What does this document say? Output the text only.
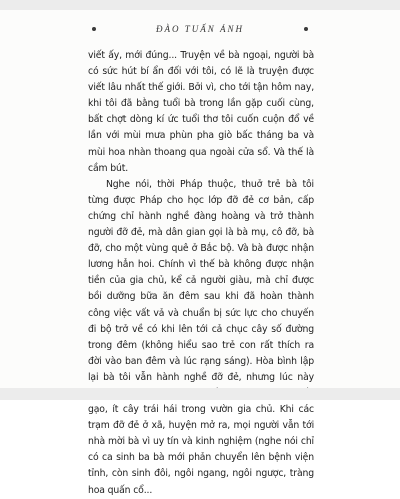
ĐÀO TUẤN ẢNH

viết ấy, mới đúng... Truyện về bà ngoại, người bà có sức hút bí ẩn đối với tôi, có lẽ là truyện được viết lâu nhất thế giới. Bởi vì, cho tới tận hôm nay, khi tôi đã bằng tuổi bà trong lần gặp cuối cùng, bất chợt dòng kí ức tuổi thơ tôi cuốn cuộn đổ về lần với mùi mưa phùn pha giò bấc tháng ba và mùi hoa nhàn thoang qua ngoài cửa sổ. Và thế là cầm bút.

Nghe nói, thời Pháp thuộc, thuở trẻ bà tôi từng được Pháp cho học lớp đỡ đẻ cơ bản, cấp chứng chỉ hành nghề đàng hoàng và trở thành người đỡ đẻ, mà dân gian gọi là bà mụ, cô đỡ, bà đỡ, cho một vùng quê ở Bắc bộ. Và bà được nhận lương hẳn hoi. Chính vì thế bà không được nhận tiền của gia chủ, kể cả người giàu, mà chỉ được bồi dưỡng bữa ăn đêm sau khi đã hoàn thành công việc vất vả và chuẩn bị sức lực cho chuyến đi bộ trở về có khi lên tới cả chục cây số đường trong đêm (không hiểu sao trẻ con rất thích ra đời vào ban đêm và lúc rạng sáng). Hòa bình lập lại bà tôi vẫn hành nghề đỡ đẻ, nhưng lúc này gạo, ít cây trái hái trong vườn gia chủ. Khi các trạm đỡ đẻ ở xã, huyện mở ra, mọi người vẫn tới nhà mời bà vì uy tín và kinh nghiệm (nghe nói chỉ có ca sinh ba bà mới phản chuyển lên bệnh viện tỉnh, còn sinh đôi, ngôi ngang, ngôi ngược, tràng hoa quấn cổ...
